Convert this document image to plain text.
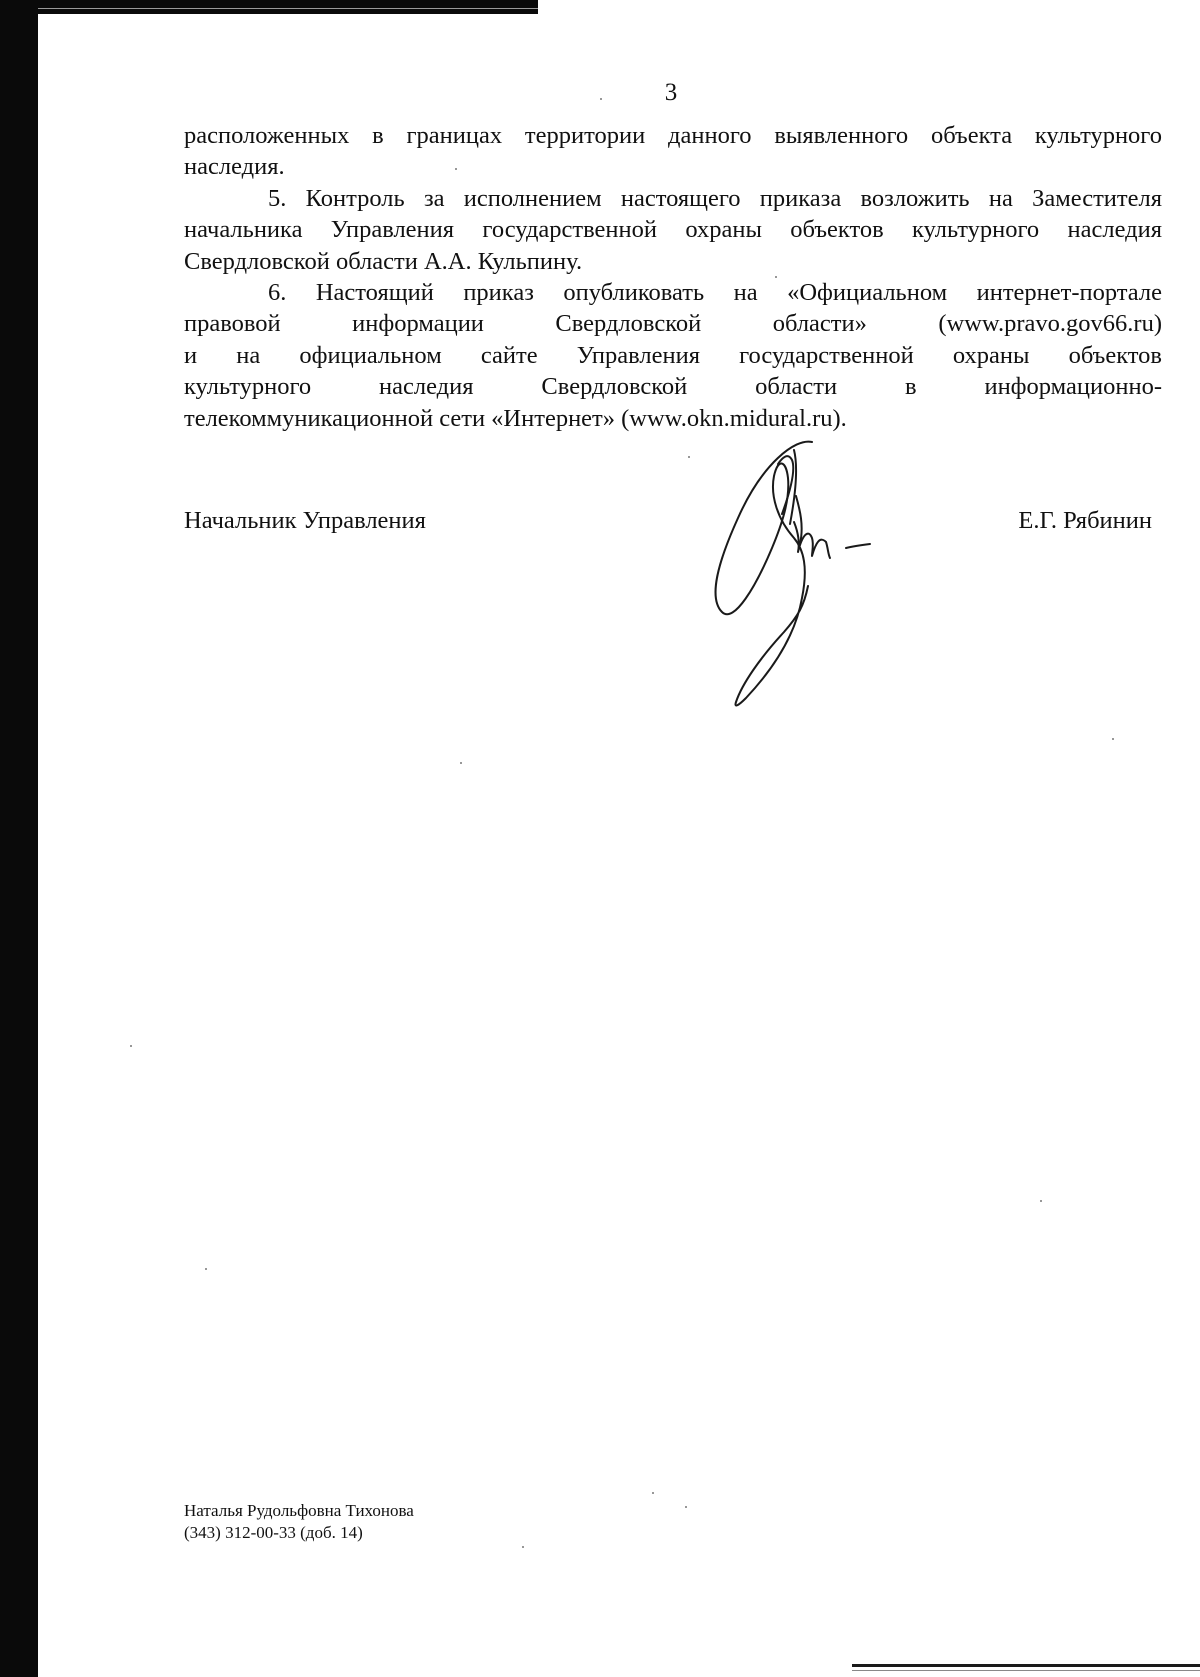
3

расположенных в границах территории данного выявленного объекта культурного
наследия.

5. Контроль за исполнением настоящего приказа возложить на Заместителя
начальника Управления государственной охраны объектов культурного наследия
Свердловской области А.А. Кульпину.

6. Настоящий приказ опубликовать на «Официальном интернет-портале
правовой информации Свердловской области» (www.pravo.gov66.ru)
и на официальном сайте Управления государственной охраны объектов
культурного наследия Свердловской области в информационно-
телекоммуникационной сети «Интернет» (www.okn.midural.ru).

Начальник Управления	Е.Г. Рябинин
Наталья Рудольфовна Тихонова
(343) 312-00-33 (доб. 14)
